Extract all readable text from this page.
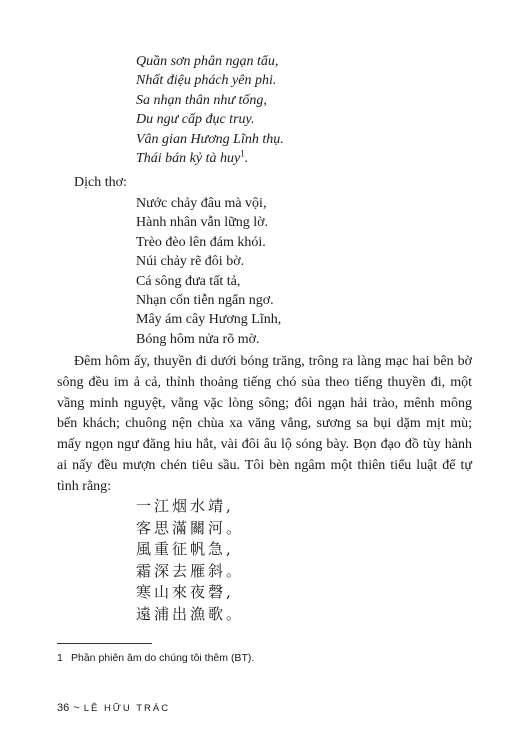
Quần sơn phân ngạn tẩu,
Nhất điệu phách yên phi.
Sa nhạn thân như tống,
Du ngư cấp đục truy.
Vân gian Hương Lĩnh thụ.
Thái bán kỷ tà huy$^1$.
Dịch thơ:
Nước chảy đâu mà vội,
Hành nhân vẫn lững lờ.
Trèo đèo lên đám khói.
Núi chảy rẽ đôi bờ.
Cá sông đưa tất tả,
Nhạn cốn tiễn ngẩn ngơ.
Mây ám cây Hương Lĩnh,
Bóng hôm nửa rõ mờ.
Đêm hôm ấy, thuyền đi dưới bóng trăng, trông ra làng mạc hai bên bờ sông đều im ả cả, thỉnh thoảng tiếng chó sủa theo tiếng thuyền đi, một vầng minh nguyệt, vằng vặc lòng sông; đôi ngạn hải trào, mênh mông bến khách; chuông nện chùa xa văng vẳng, sương sa bụi dặm mịt mù; mấy ngọn ngư đăng hiu hắt, vài đôi âu lộ sóng bày. Bọn đạo đồ tùy hành ai nấy đều mượn chén tiêu sầu. Tôi bèn ngâm một thiên tiểu luật để tự tình rằng:
一江烟水靖,
客思滿關河。
風重征帆急,
霜深去雁斜。
寒山來夜磬,
遠浦出漁歌。
1 Phần phiên âm do chúng tôi thêm (BT).
36 ~ LÊ HỮU TRÁC
